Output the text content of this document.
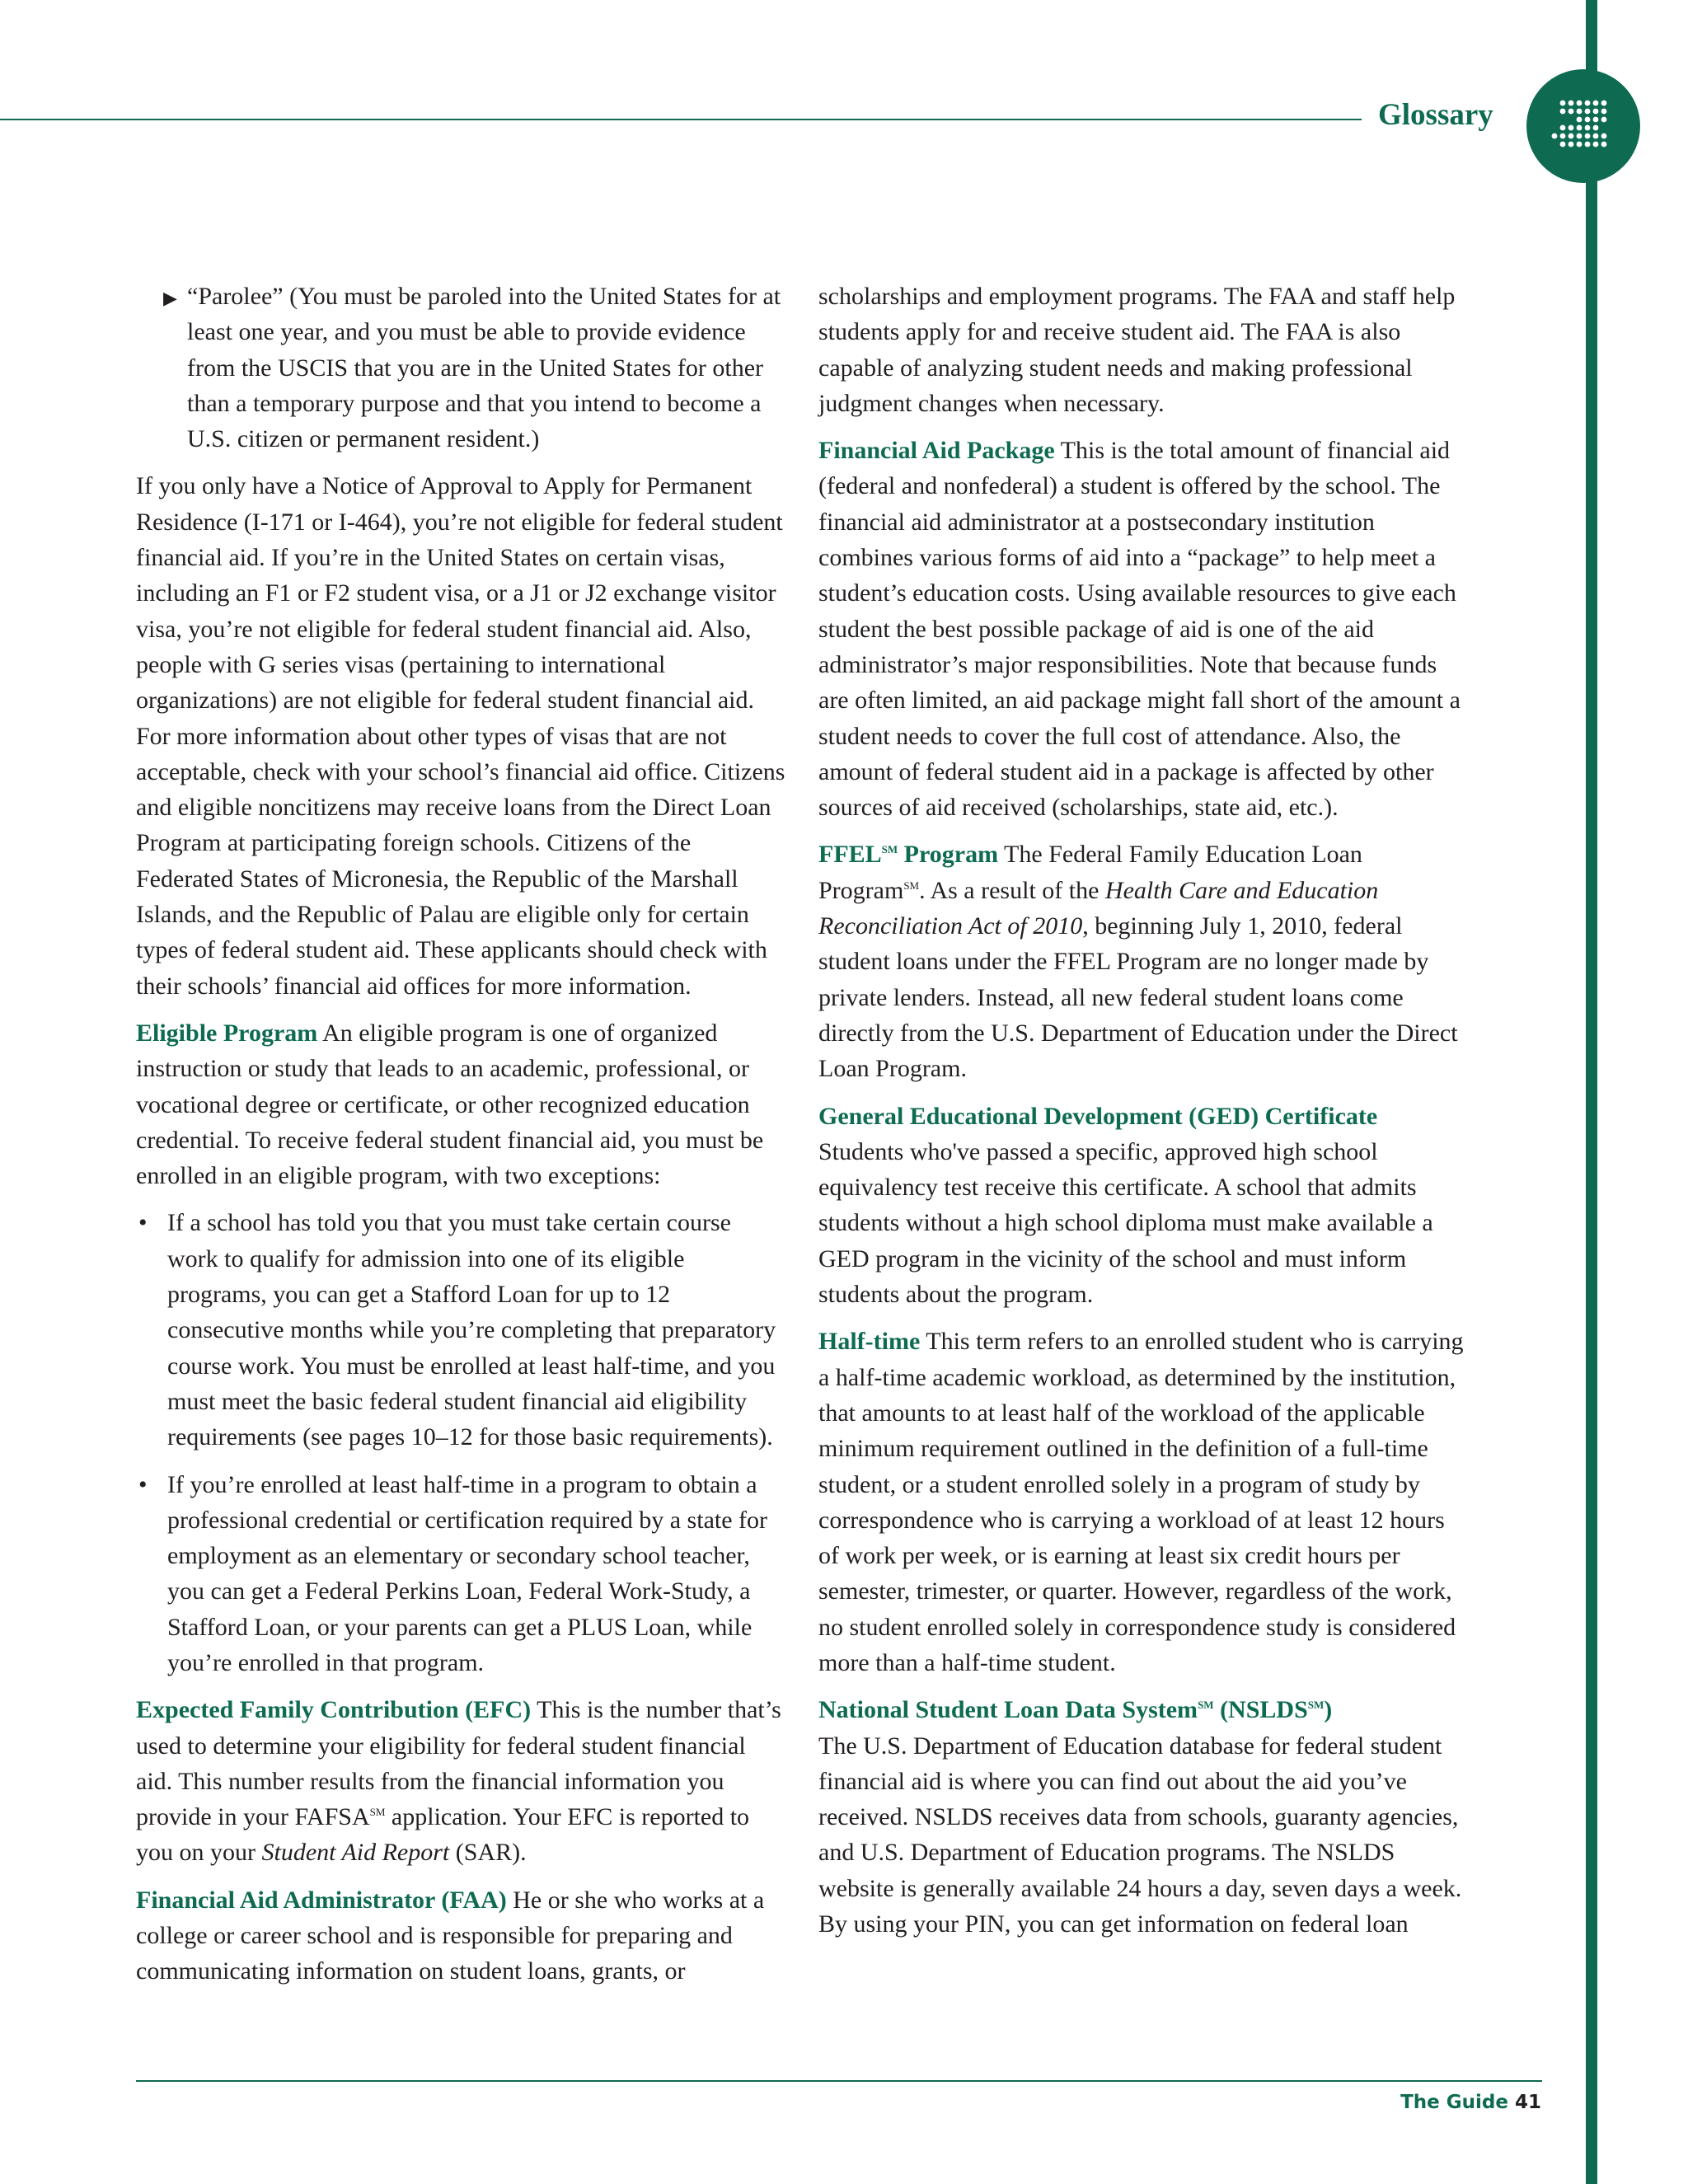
Glossary
▶ “Parolee” (You must be paroled into the United States for at least one year, and you must be able to provide evidence from the USCIS that you are in the United States for other than a temporary purpose and that you intend to become a U.S. citizen or permanent resident.)

If you only have a Notice of Approval to Apply for Permanent Residence (I-171 or I-464), you’re not eligible for federal student financial aid. If you’re in the United States on certain visas, including an F1 or F2 student visa, or a J1 or J2 exchange visitor visa, you’re not eligible for federal student financial aid. Also, people with G series visas (pertaining to international organizations) are not eligible for federal student financial aid. For more information about other types of visas that are not acceptable, check with your school’s financial aid office. Citizens and eligible noncitizens may receive loans from the Direct Loan Program at participating foreign schools. Citizens of the Federated States of Micronesia, the Republic of the Marshall Islands, and the Republic of Palau are eligible only for certain types of federal student aid. These applicants should check with their schools’ financial aid offices for more information.

Eligible Program An eligible program is one of organized instruction or study that leads to an academic, professional, or vocational degree or certificate, or other recognized education credential. To receive federal student financial aid, you must be enrolled in an eligible program, with two exceptions:

• If a school has told you that you must take certain course work to qualify for admission into one of its eligible programs, you can get a Stafford Loan for up to 12 consecutive months while you’re completing that preparatory course work. You must be enrolled at least half-time, and you must meet the basic federal student financial aid eligibility requirements (see pages 10–12 for those basic requirements).
• If you’re enrolled at least half-time in a program to obtain a professional credential or certification required by a state for employment as an elementary or secondary school teacher, you can get a Federal Perkins Loan, Federal Work-Study, a Stafford Loan, or your parents can get a PLUS Loan, while you’re enrolled in that program.

Expected Family Contribution (EFC) This is the number that’s used to determine your eligibility for federal student financial aid. This number results from the financial information you provide in your FAFSA℠ application. Your EFC is reported to you on your Student Aid Report (SAR).

Financial Aid Administrator (FAA) He or she who works at a college or career school and is responsible for preparing and communicating information on student loans, grants, or

scholarships and employment programs. The FAA and staff help students apply for and receive student aid. The FAA is also capable of analyzing student needs and making professional judgment changes when necessary.

Financial Aid Package This is the total amount of financial aid (federal and nonfederal) a student is offered by the school. The financial aid administrator at a postsecondary institution combines various forms of aid into a “package” to help meet a student’s education costs. Using available resources to give each student the best possible package of aid is one of the aid administrator’s major responsibilities. Note that because funds are often limited, an aid package might fall short of the amount a student needs to cover the full cost of attendance. Also, the amount of federal student aid in a package is affected by other sources of aid received (scholarships, state aid, etc.).

FFEL℠ Program The Federal Family Education Loan Program℠. As a result of the Health Care and Education Reconciliation Act of 2010, beginning July 1, 2010, federal student loans under the FFEL Program are no longer made by private lenders. Instead, all new federal student loans come directly from the U.S. Department of Education under the Direct Loan Program.

General Educational Development (GED) Certificate
Students who've passed a specific, approved high school equivalency test receive this certificate. A school that admits students without a high school diploma must make available a GED program in the vicinity of the school and must inform students about the program.

Half-time This term refers to an enrolled student who is carrying a half-time academic workload, as determined by the institution, that amounts to at least half of the workload of the applicable minimum requirement outlined in the definition of a full-time student, or a student enrolled solely in a program of study by correspondence who is carrying a workload of at least 12 hours of work per week, or is earning at least six credit hours per semester, trimester, or quarter. However, regardless of the work, no student enrolled solely in correspondence study is considered more than a half-time student.

National Student Loan Data System℠ (NSLDS℠)
The U.S. Department of Education database for federal student financial aid is where you can find out about the aid you’ve received. NSLDS receives data from schools, guaranty agencies, and U.S. Department of Education programs. The NSLDS website is generally available 24 hours a day, seven days a week. By using your PIN, you can get information on federal loan

The Guide 41
